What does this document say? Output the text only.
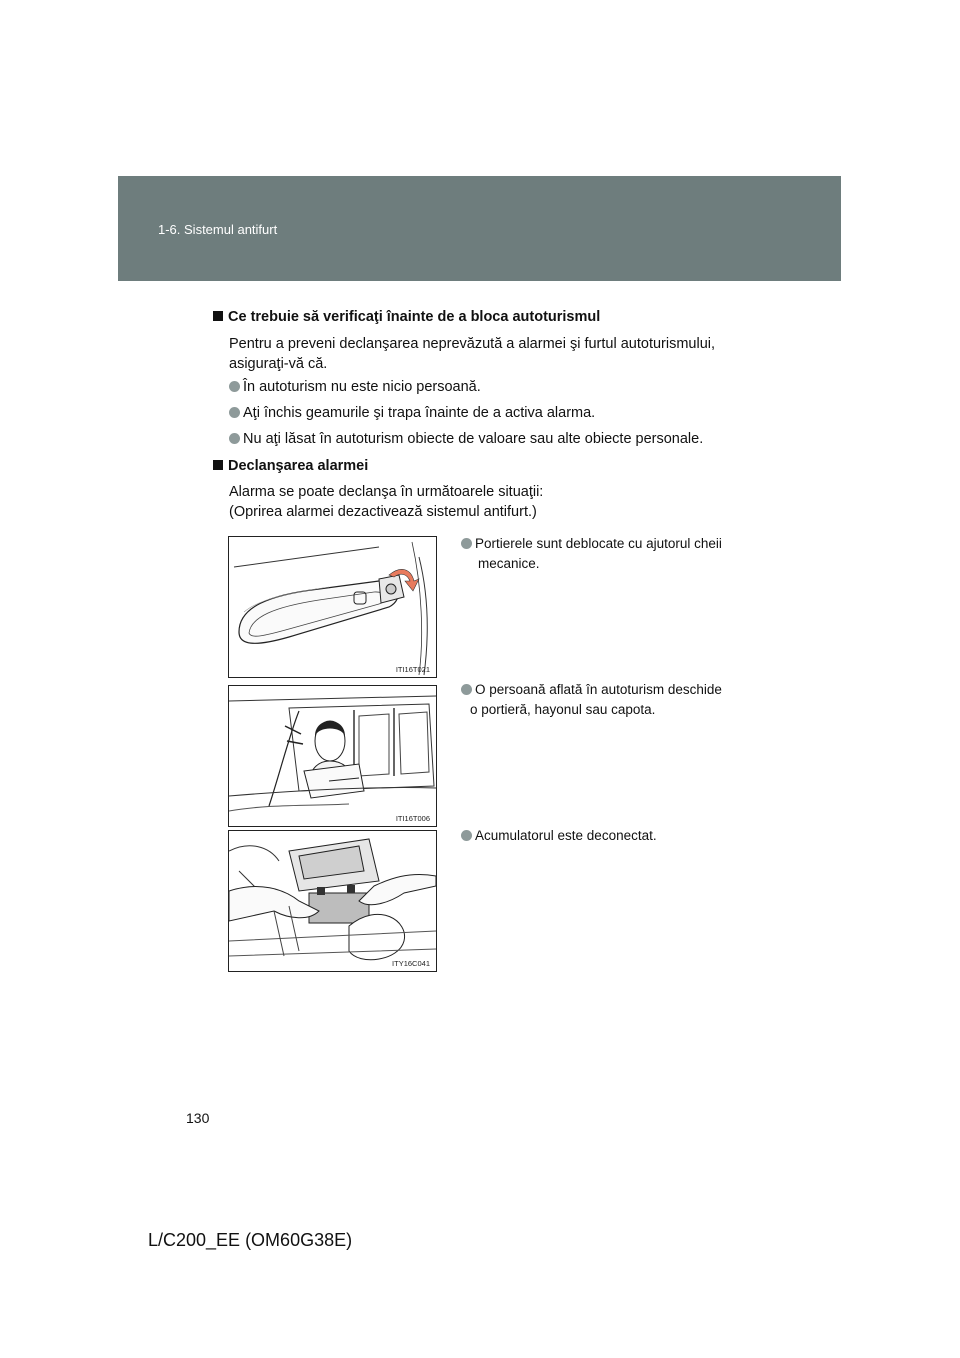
1-6. Sistemul antifurt
Ce trebuie să verificaţi înainte de a bloca autoturismul
Pentru a preveni declanşarea neprevăzută a alarmei şi furtul autoturismului,
asiguraţi-vă că.
În autoturism nu este nicio persoană.
Aţi închis geamurile şi trapa înainte de a activa alarma.
Nu aţi lăsat în autoturism obiecte de valoare sau alte obiecte personale.
Declanşarea alarmei
Alarma se poate declanşa în următoarele situaţii:
(Oprirea alarmei dezactivează sistemul antifurt.)
ITI16T021
Portierele sunt deblocate cu ajutorul cheii
mecanice.
ITI16T006
O persoană aflată în autoturism deschide
o portieră, hayonul sau capota.
ITY16C041
Acumulatorul este deconectat.
130
L/C200_EE (OM60G38E)
